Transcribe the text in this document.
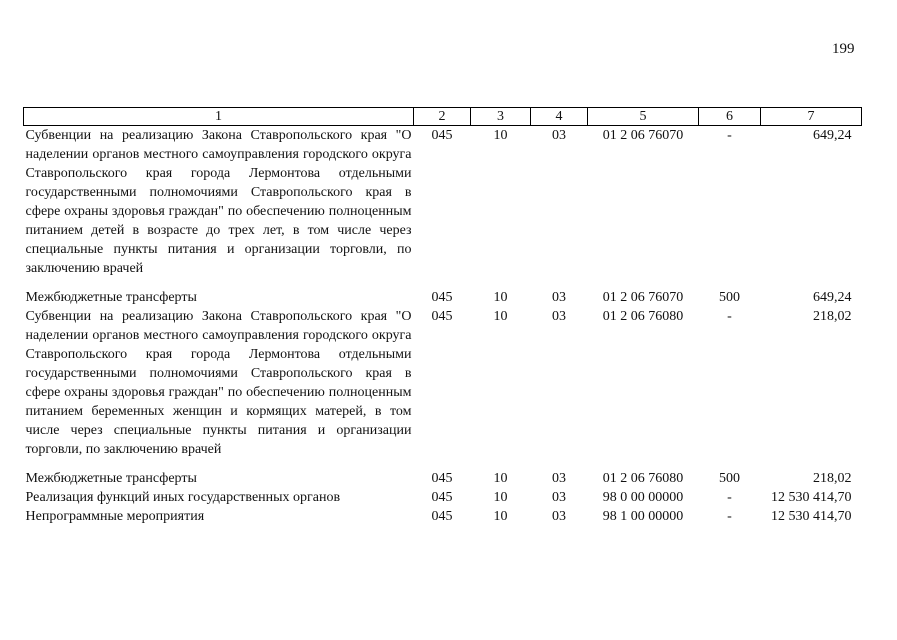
199
1	2	3	4	5	6	7
Субвенции на реализацию Закона Ставропольского края "О наделении органов местного самоуправления городского округа Ставропольского края города Лермонтова отдельными государственными полномочиями Ставропольского края в сфере охраны здоровья граждан" по обеспечению полноценным питанием детей в возрасте до трех лет, в том числе через специальные пункты питания и организации торговли, по заключению врачей	045	10	03	01 2 06 76070	-	649,24
Межбюджетные трансферты	045	10	03	01 2 06 76070	500	649,24
Субвенции на реализацию Закона Ставропольского края "О наделении органов местного самоуправления городского округа Ставропольского края города Лермонтова отдельными государственными полномочиями Ставропольского края в сфере охраны здоровья граждан" по обеспечению полноценным питанием беременных женщин и кормящих матерей, в том числе через специальные пункты питания и организации торговли, по заключению врачей	045	10	03	01 2 06 76080	-	218,02
Межбюджетные трансферты	045	10	03	01 2 06 76080	500	218,02
Реализация функций иных государственных органов	045	10	03	98 0 00 00000	-	12 530 414,70
Непрограммные мероприятия	045	10	03	98 1 00 00000	-	12 530 414,70
